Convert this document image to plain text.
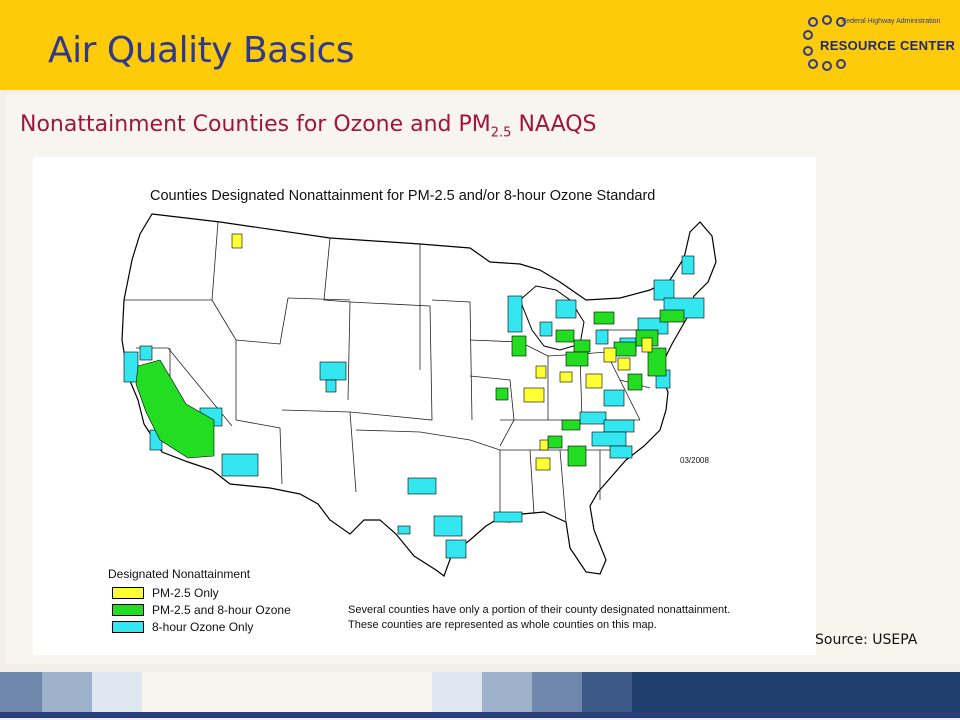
Air Quality Basics
Federal Highway Administration
RESOURCE CENTER
Nonattainment Counties for Ozone and $PM_{2.5}$ NAAQS
Counties Designated Nonattainment for PM-2.5 and/or 8-hour Ozone Standard
03/2008
Designated Nonattainment
PM-2.5 Only
PM-2.5 and 8-hour Ozone
8-hour Ozone Only
Several counties have only a portion of their county designated nonattainment.
These counties are represented as whole counties on this map.
Source: USEPA
